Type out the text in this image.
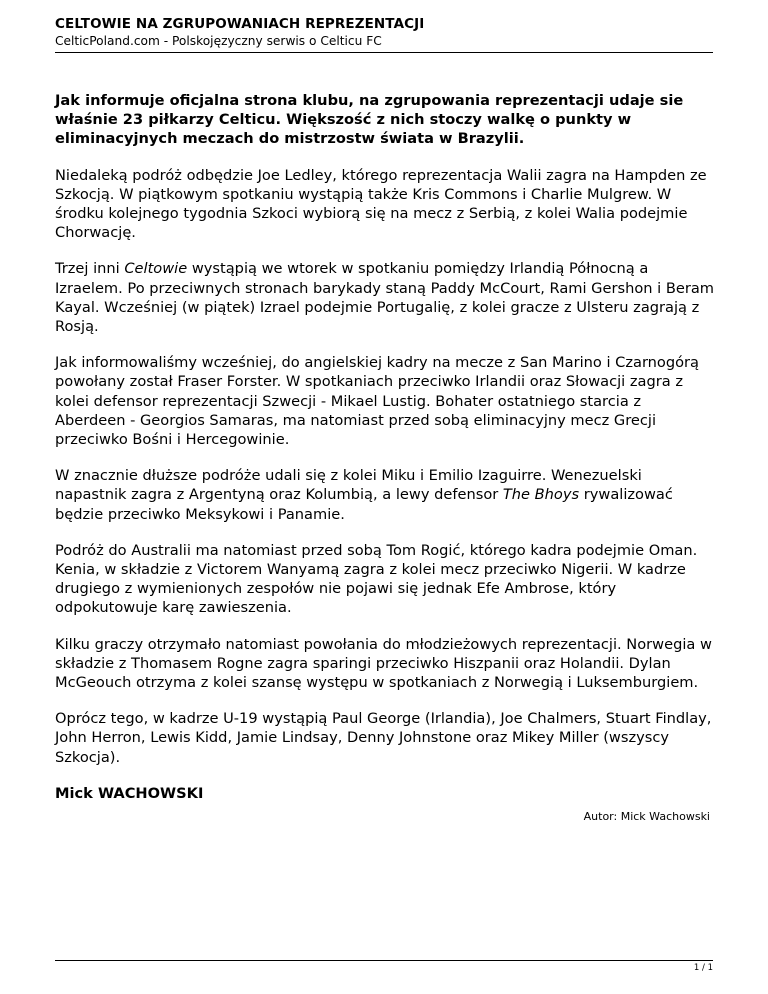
CELTOWIE NA ZGRUPOWANIACH REPREZENTACJI
CelticPoland.com - Polskojęzyczny serwis o Celticu FC

Jak informuje oficjalna strona klubu, na zgrupowania reprezentacji udaje sie właśnie 23 piłkarzy Celticu. Większość z nich stoczy walkę o punkty w eliminacyjnych meczach do mistrzostw świata w Brazylii.

Niedaleką podróż odbędzie Joe Ledley, którego reprezentacja Walii zagra na Hampden ze Szkocją. W piątkowym spotkaniu wystąpią także Kris Commons i Charlie Mulgrew. W środku kolejnego tygodnia Szkoci wybiorą się na mecz z Serbią, z kolei Walia podejmie Chorwację.

Trzej inni Celtowie wystąpią we wtorek w spotkaniu pomiędzy Irlandią Północną a Izraelem. Po przeciwnych stronach barykady staną Paddy McCourt, Rami Gershon i Beram Kayal. Wcześniej (w piątek) Izrael podejmie Portugalię, z kolei gracze z Ulsteru zagrają z Rosją.

Jak informowaliśmy wcześniej, do angielskiej kadry na mecze z San Marino i Czarnogórą powołany został Fraser Forster. W spotkaniach przeciwko Irlandii oraz Słowacji zagra z kolei defensor reprezentacji Szwecji - Mikael Lustig. Bohater ostatniego starcia z Aberdeen - Georgios Samaras, ma natomiast przed sobą eliminacyjny mecz Grecji przeciwko Bośni i Hercegowinie.

W znacznie dłuższe podróże udali się z kolei Miku i Emilio Izaguirre. Wenezuelski napastnik zagra z Argentyną oraz Kolumbią, a lewy defensor The Bhoys rywalizować będzie przeciwko Meksykowi i Panamie.

Podróż do Australii ma natomiast przed sobą Tom Rogić, którego kadra podejmie Oman. Kenia, w składzie z Victorem Wanyamą zagra z kolei mecz przeciwko Nigerii. W kadrze drugiego z wymienionych zespołów nie pojawi się jednak Efe Ambrose, który odpokutowuje karę zawieszenia.

Kilku graczy otrzymało natomiast powołania do młodzieżowych reprezentacji. Norwegia w składzie z Thomasem Rogne zagra sparingi przeciwko Hiszpanii oraz Holandii. Dylan McGeouch otrzyma z kolei szansę występu w spotkaniach z Norwegią i Luksemburgiem.

Oprócz tego, w kadrze U-19 wystąpią Paul George (Irlandia), Joe Chalmers, Stuart Findlay, John Herron, Lewis Kidd, Jamie Lindsay, Denny Johnstone oraz Mikey Miller (wszyscy Szkocja).

Mick WACHOWSKI

Autor: Mick Wachowski
1 / 1
